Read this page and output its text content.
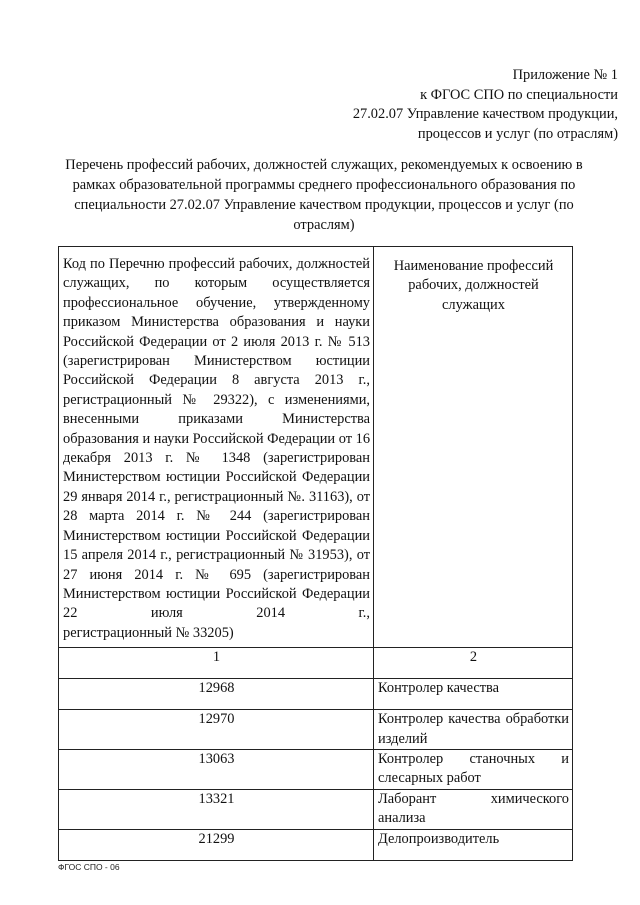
Приложение № 1
к ФГОС СПО по специальности
27.02.07 Управление качеством продукции,
процессов и услуг (по отраслям)
Перечень профессий рабочих, должностей служащих, рекомендуемых к освоению в рамках образовательной программы среднего профессионального образования по специальности 27.02.07 Управление качеством продукции, процессов и услуг (по отраслям)
Код по Перечню профессий рабочих, должностей служащих, по которым осуществляется профессиональное обучение, утвержденному приказом Министерства образования и науки Российской Федерации от 2 июля 2013 г. № 513 (зарегистрирован Министерством юстиции Российской Федерации 8 августа 2013 г., регистрационный № 29322), с изменениями, внесенными приказами Министерства образования и науки Российской Федерации от 16 декабря 2013 г. № 1348 (зарегистрирован Министерством юстиции Российской Федерации 29 января 2014 г., регистрационный №. 31163), от 28 марта 2014 г. № 244 (зарегистрирован Министерством юстиции Российской Федерации 15 апреля 2014 г., регистрационный № 31953), от 27 июня 2014 г. № 695 (зарегистрирован Министерством юстиции Российской Федерации 22 июля 2014 г.,
регистрационный № 33205)	Наименование профессий рабочих, должностей служащих
1	2
12968	Контролер качества
12970	Контролер качества обработки изделий
13063	Контролер станочных и слесарных работ
13321	Лаборант химического анализа
21299	Делопроизводитель
ФГОС СПО - 06
